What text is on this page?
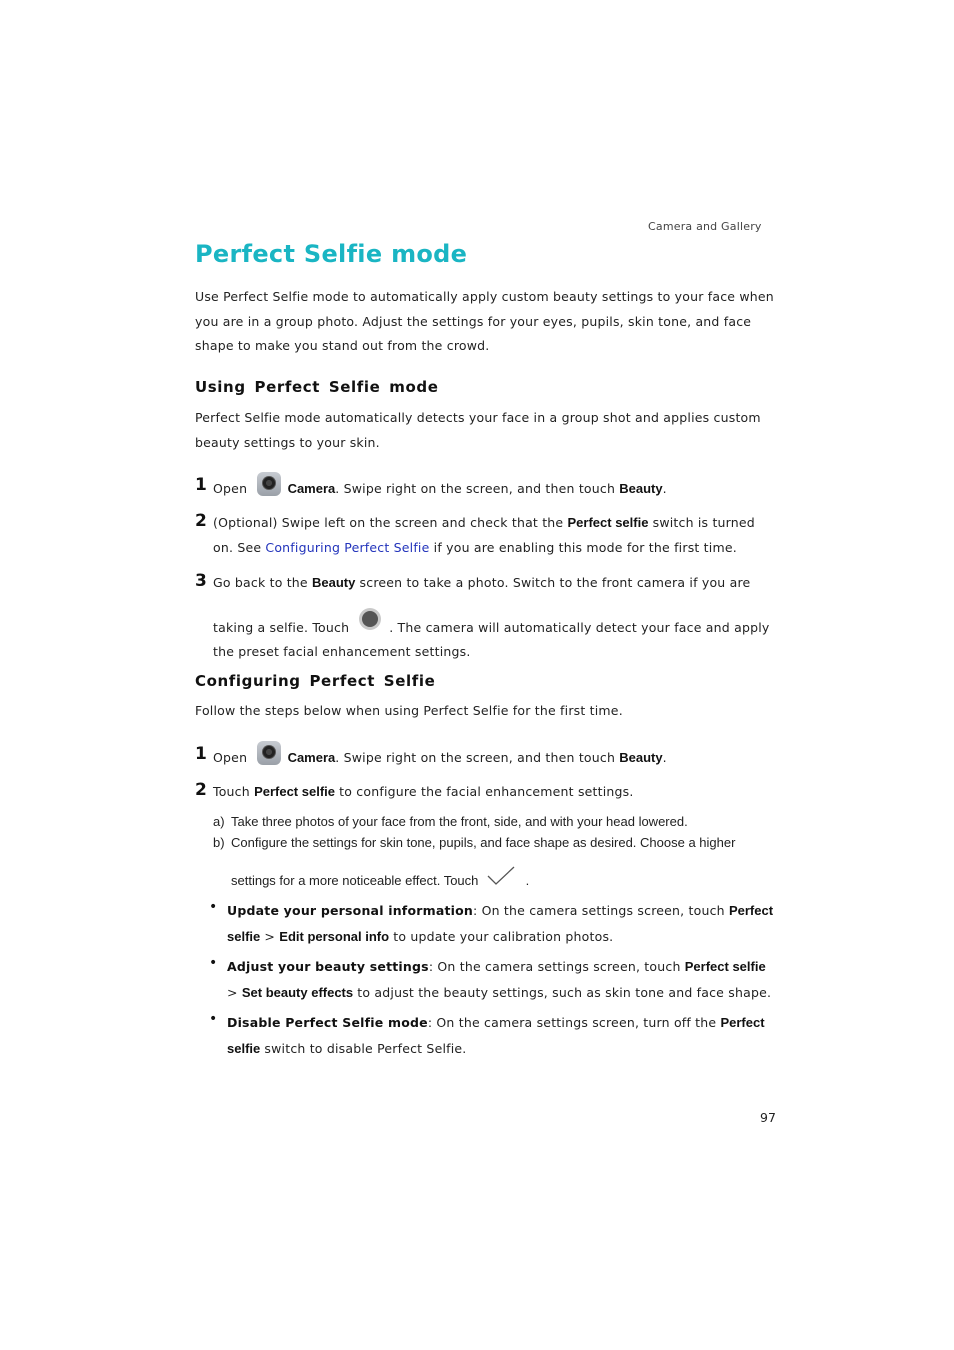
Camera and Gallery
Perfect Selfie mode
Use Perfect Selfie mode to automatically apply custom beauty settings to your face when
you are in a group photo. Adjust the settings for your eyes, pupils, skin tone, and face
shape to make you stand out from the crowd.
Using Perfect Selfie mode
Perfect Selfie mode automatically detects your face in a group shot and applies custom
beauty settings to your skin.
1 Open	Camera. Swipe right on the screen, and then touch Beauty.
2 (Optional) Swipe left on the screen and check that the Perfect selfie switch is turned
on. See Configuring Perfect Selfie if you are enabling this mode for the first time.
3 Go back to the Beauty screen to take a photo. Switch to the front camera if you are
taking a selfie. Touch	. The camera will automatically detect your face and apply
the preset facial enhancement settings.
Configuring Perfect Selfie
Follow the steps below when using Perfect Selfie for the first time.
1 Open	Camera. Swipe right on the screen, and then touch Beauty.
2 Touch Perfect selfie to configure the facial enhancement settings.
a) Take three photos of your face from the front, side, and with your head lowered.
b) Configure the settings for skin tone, pupils, and face shape as desired. Choose a higher
settings for a more noticeable effect. Touch	.
• Update your personal information: On the camera settings screen, touch Perfect
selfie > Edit personal info to update your calibration photos.
• Adjust your beauty settings: On the camera settings screen, touch Perfect selfie
> Set beauty effects to adjust the beauty settings, such as skin tone and face shape.
• Disable Perfect Selfie mode: On the camera settings screen, turn off the Perfect
selfie switch to disable Perfect Selfie.
97
